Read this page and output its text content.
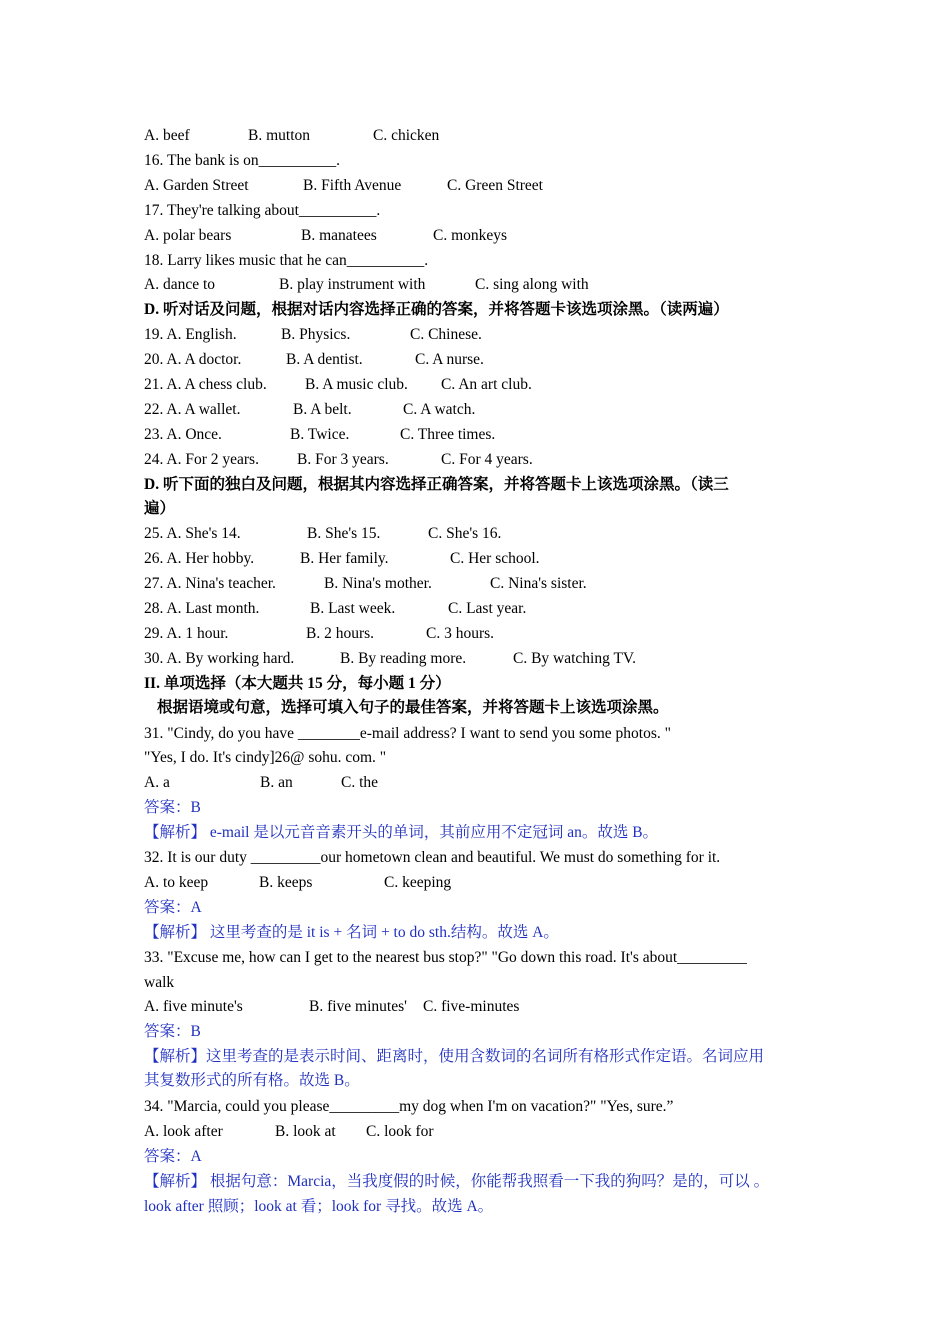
A. beef	B. mutton	C. chicken
16. The bank is on__________.
A. Garden Street	B. Fifth Avenue	C. Green Street
17. They're talking about__________.
A. polar bears	B. manatees	C. monkeys
18. Larry likes music that he can__________.
A. dance to	B. play instrument with	C. sing along with
D. 听对话及问题，根据对话内容选择正确的答案，并将答题卡该选项涂黑。（读两遍）
19. A. English.	B. Physics.	C. Chinese.
20. A. A doctor.	B. A dentist.	C. A nurse.
21. A. A chess club. B. A music club. C. An art club.
22. A. A wallet.	B. A belt.	C. A watch.
23. A. Once.	B. Twice.	C. Three times.
24. A. For 2 years. B. For 3 years.	C. For 4 years.
D. 听下面的独白及问题，根据其内容选择正确答案，并将答题卡上该选项涂黑。（读三
遍）
25. A. She's 14.	B. She's 15.	C. She's 16.
26. A. Her hobby.	B. Her family.	C. Her school.
27. A. Nina's teacher.	B. Nina's mother.	C. Nina's sister.
28. A. Last month.	B. Last week.	C. Last year.
29. A. 1 hour.	B. 2 hours.	C. 3 hours.
30. A. By working hard.	B. By reading more.	C. By watching TV.
II. 单项选择（本大题共 15 分，每小题 1 分）
根据语境或句意，选择可填入句子的最佳答案，并将答题卡上该选项涂黑。
31. "Cindy, do you have ________e-mail address? I want to send you some photos. "
"Yes, I do. It's cindy]26@ sohu. com. "
A. a	B. an	C. the
答案：B
【解析】 e-mail 是以元音音素开头的单词，其前应用不定冠词 an。故选 B。
32. It is our duty _________our hometown clean and beautiful. We must do something for it.
A. to keep	B. keeps	C. keeping
答案：A
【解析】 这里考查的是 it is + 名词 + to do sth.结构。故选 A。
33. "Excuse me, how can I get to the nearest bus stop?" "Go down this road. It's about_________
walk
A. five minute's	B. five minutes' C. five-minutes
答案：B
【解析】这里考查的是表示时间、距离时，使用含数词的名词所有格形式作定语。名词应用
其复数形式的所有格。故选 B。
34. "Marcia, could you please_________my dog when I'm on vacation?" "Yes, sure.”
A. look after	B. look at C. look for
答案：A
【解析】 根据句意：Marcia，当我度假的时候，你能帮我照看一下我的狗吗？是的，可以 。
look after 照顾；look at 看；look for 寻找。故选 A。
